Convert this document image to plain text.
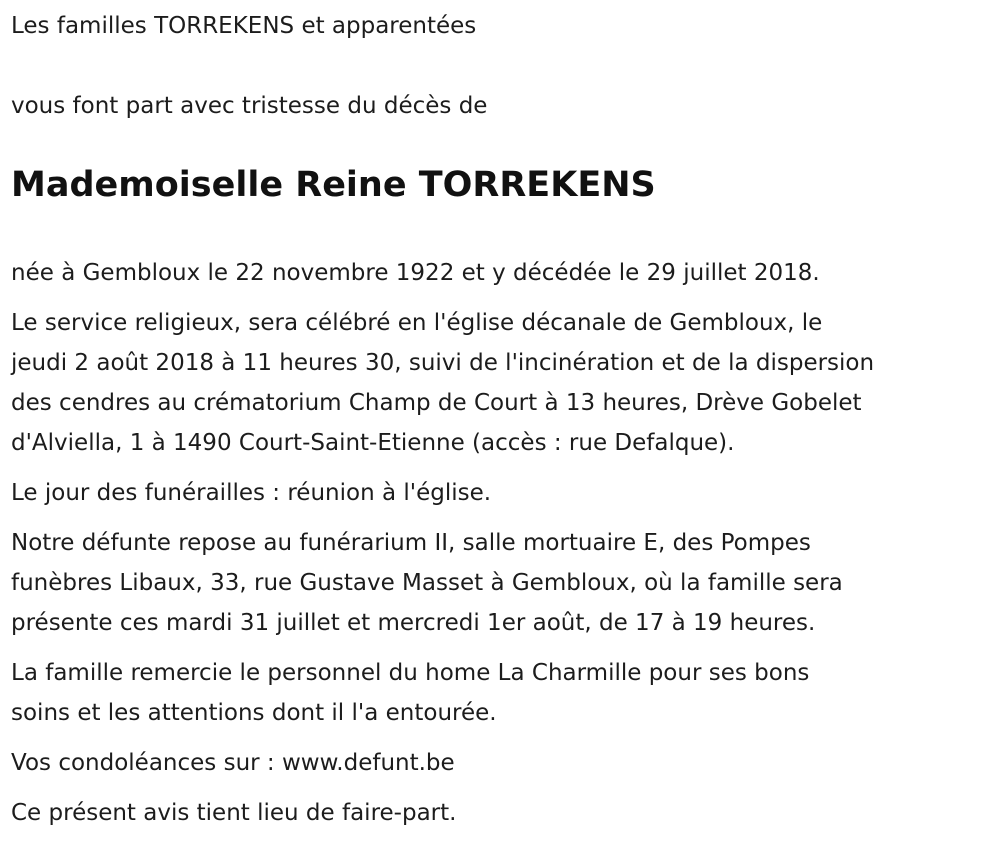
Les familles TORREKENS et apparentées

vous font part avec tristesse du décès de

Mademoiselle Reine TORREKENS
née à Gembloux le 22 novembre 1922 et y décédée le 29 juillet 2018.
Le service religieux, sera célébré en l'église décanale de Gembloux, le
jeudi 2 août 2018 à 11 heures 30, suivi de l'incinération et de la dispersion
des cendres au crématorium Champ de Court à 13 heures, Drève Gobelet
d'Alviella, 1 à 1490 Court-Saint-Etienne (accès : rue Defalque).
Le jour des funérailles : réunion à l'église.
Notre défunte repose au funérarium II, salle mortuaire E, des Pompes
funèbres Libaux, 33, rue Gustave Masset à Gembloux, où la famille sera
présente ces mardi 31 juillet et mercredi 1er août, de 17 à 19 heures.
La famille remercie le personnel du home La Charmille pour ses bons
soins et les attentions dont il l'a entourée.
Vos condoléances sur : www.defunt.be
Ce présent avis tient lieu de faire-part.
